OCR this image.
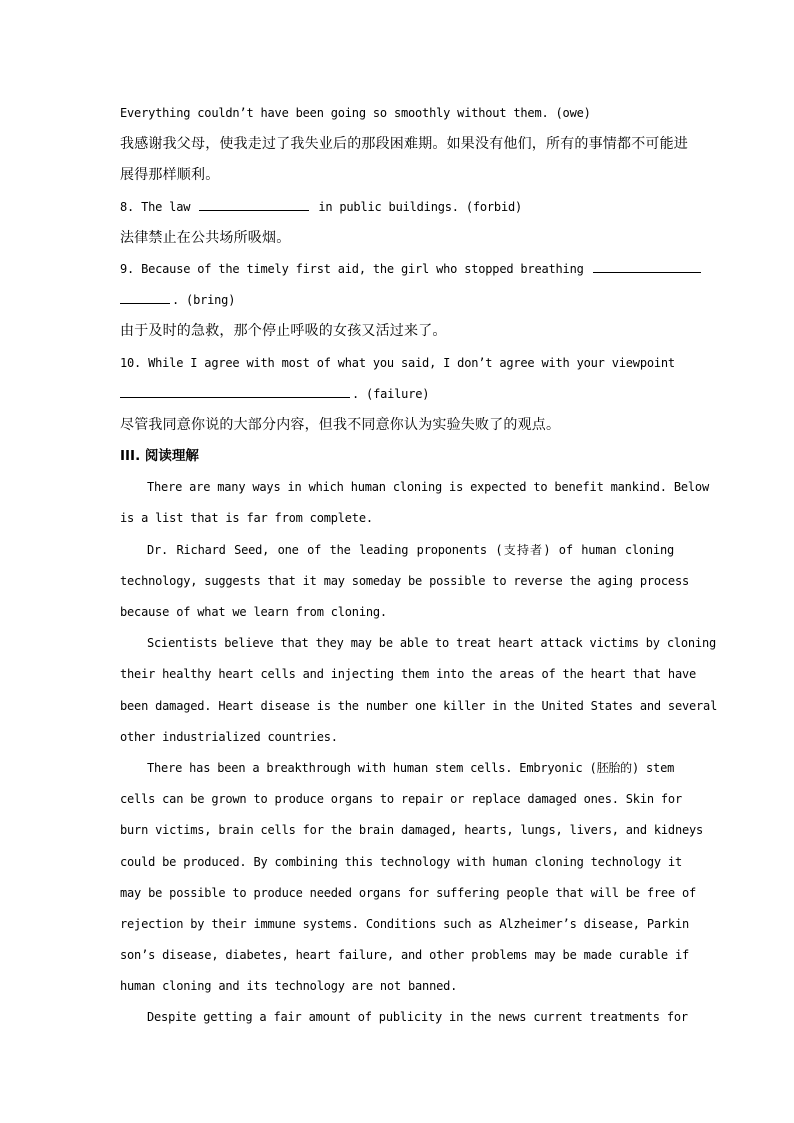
Everything couldn’t have been going so smoothly without them. (owe)
我感谢我父母，使我走过了我失业后的那段困难期。如果没有他们，所有的事情都不可能进
展得那样顺利。
8. The law	in public buildings. (forbid)
法律禁止在公共场所吸烟。
9. Because of the timely first aid, the girl who stopped breathing
. (bring)
由于及时的急救，那个停止呼吸的女孩又活过来了。
10. While I agree with most of what you said, I don’t agree with your viewpoint
. (failure)
尽管我同意你说的大部分内容，但我不同意你认为实验失败了的观点。
III. 阅读理解
There are many ways in which human cloning is expected to benefit mankind. Below
is a list that is far from complete.
Dr. Richard Seed, one of the leading proponents (支持者) of human cloning
technology, suggests that it may someday be possible to reverse the aging process
because of what we learn from cloning.
Scientists believe that they may be able to treat heart attack victims by cloning
their healthy heart cells and injecting them into the areas of the heart that have
been damaged. Heart disease is the number one killer in the United States and several
other industrialized countries.
There has been a breakthrough with human stem cells. Embryonic (胚胎的) stem
cells can be grown to produce organs to repair or replace damaged ones. Skin for
burn victims, brain cells for the brain damaged, hearts, lungs, livers, and kidneys
could be produced. By combining this technology with human cloning technology it
may be possible to produce needed organs for suffering people that will be free of
rejection by their immune systems. Conditions such as Alzheimer’s disease, Parkin
son’s disease, diabetes, heart failure, and other problems may be made curable if
human cloning and its technology are not banned.
Despite getting a fair amount of publicity in the news current treatments for
